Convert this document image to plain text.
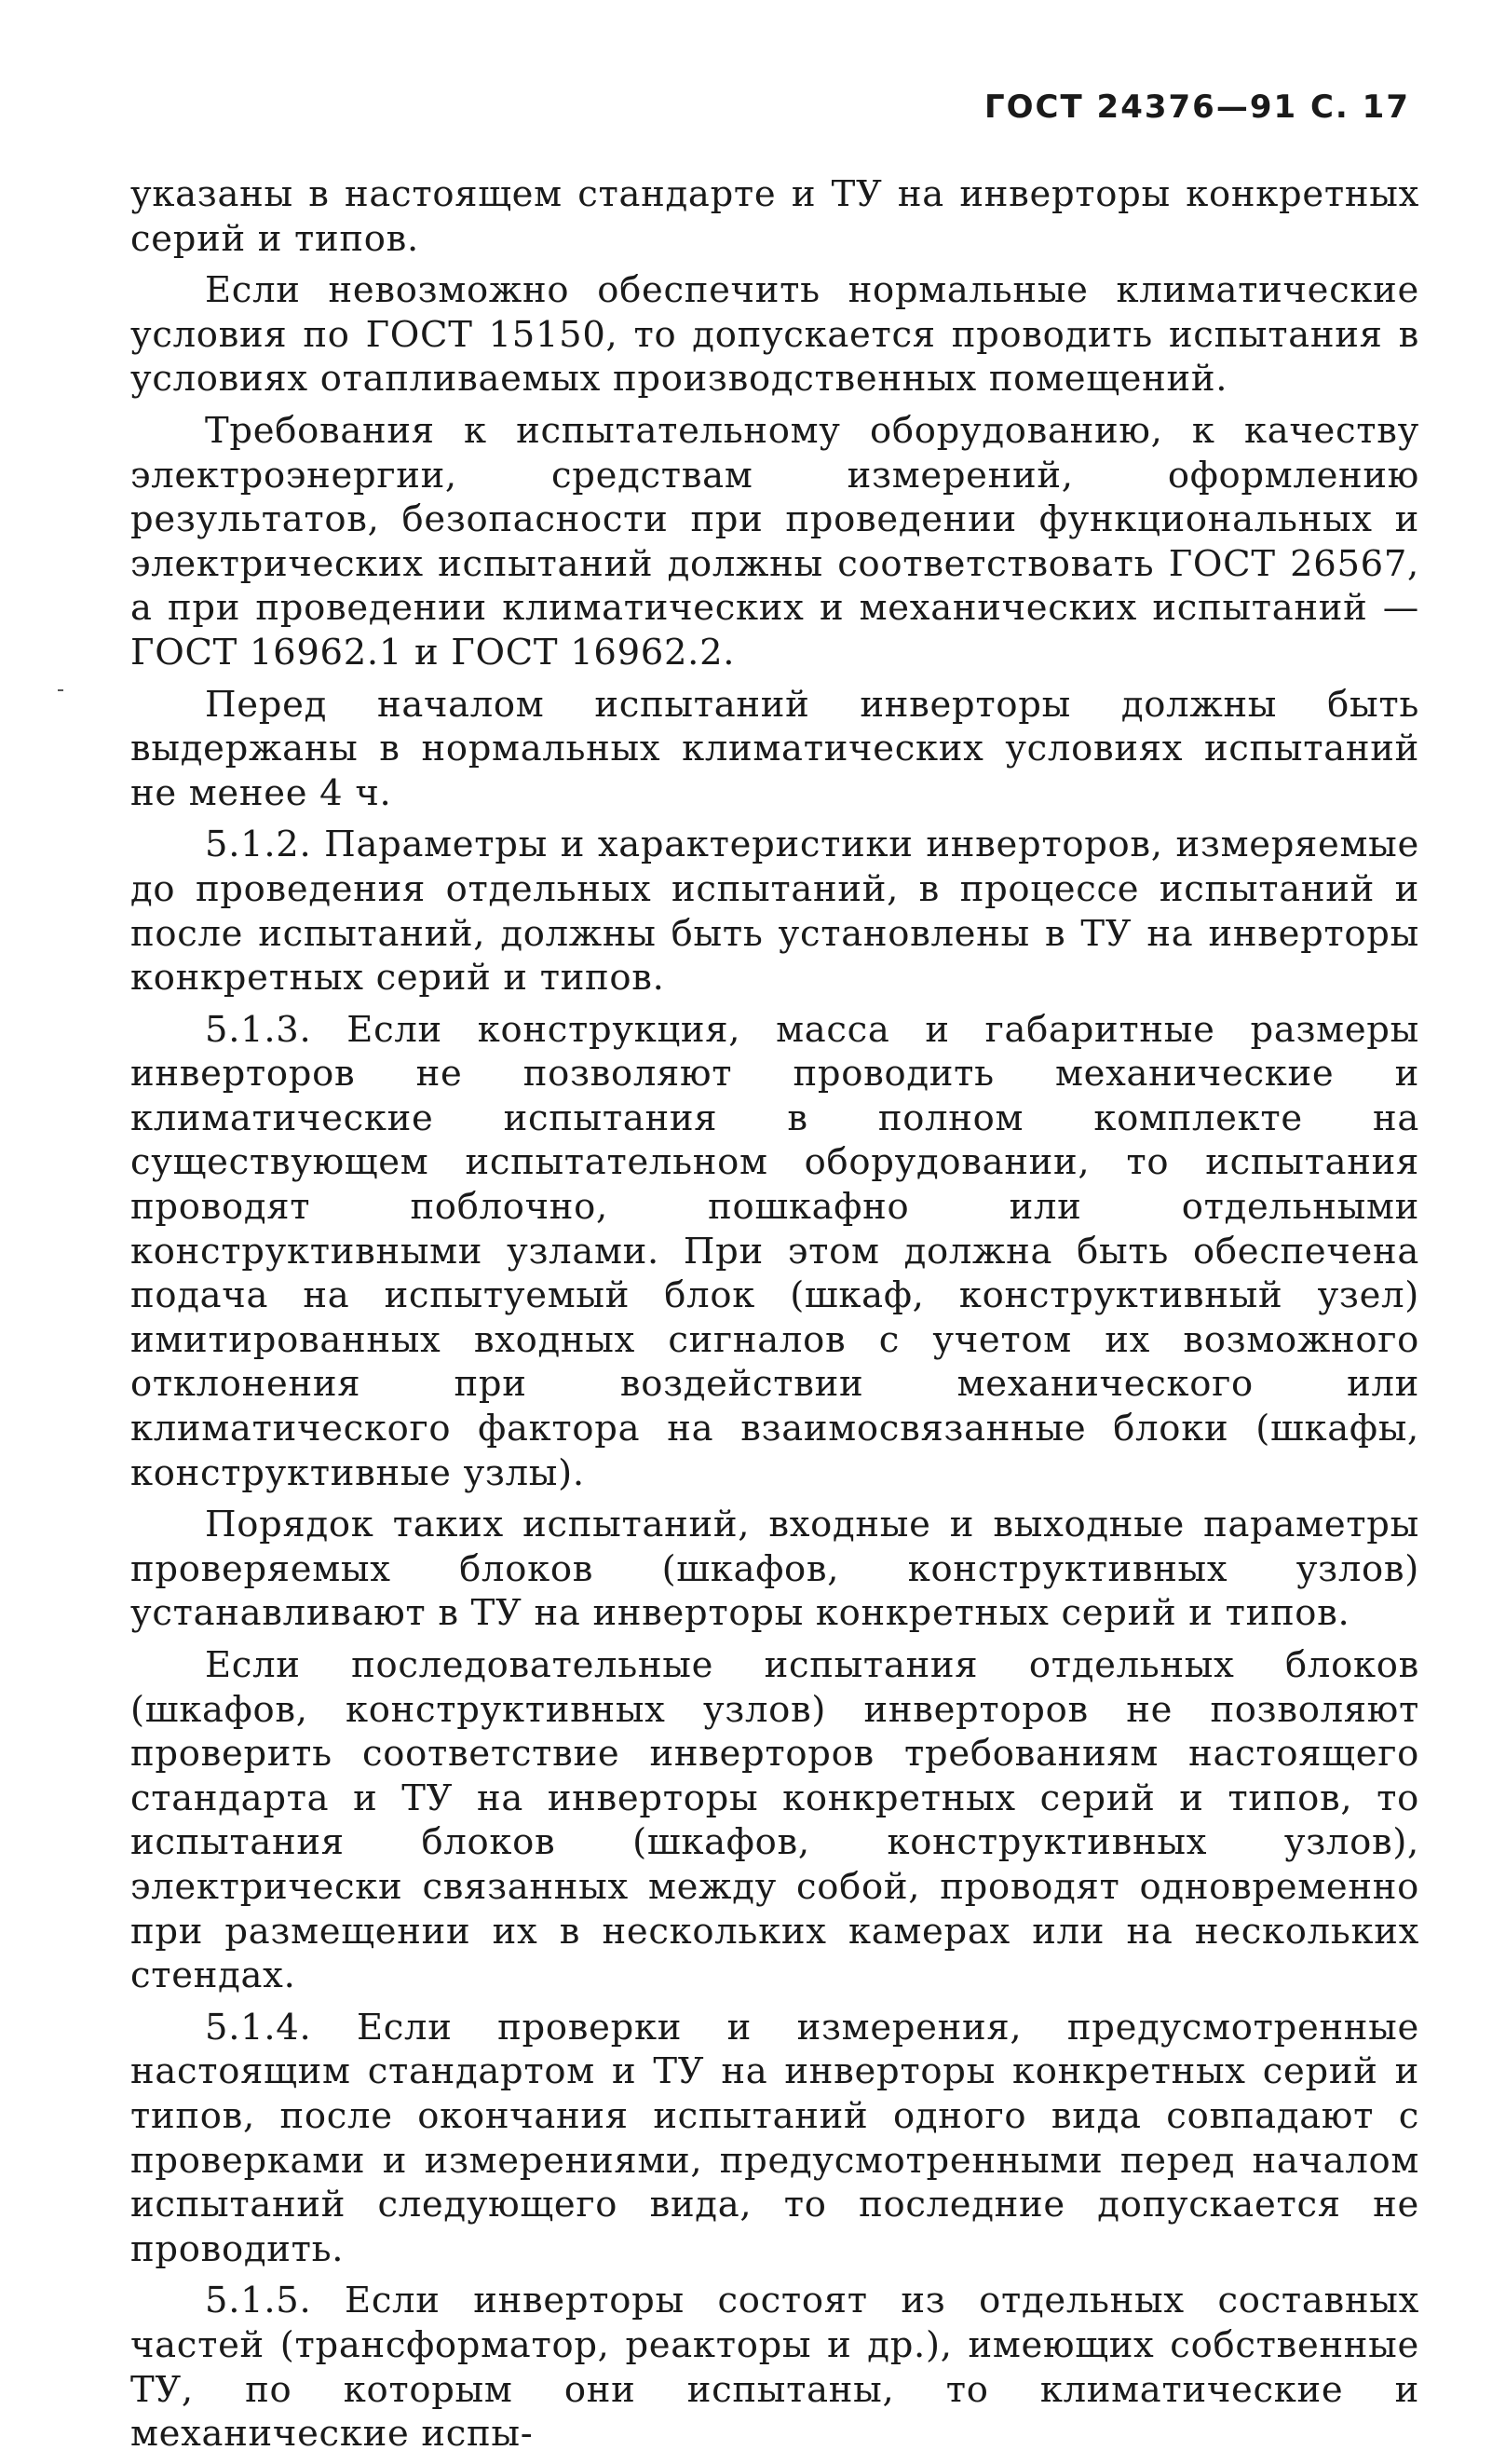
ГОСТ 24376—91 С. 17

указаны в настоящем стандарте и ТУ на инверторы конкретных серий и типов.

Если невозможно обеспечить нормальные климатические условия по ГОСТ 15150, то допускается проводить испытания в условиях отапливаемых производственных помещений.

Требования к испытательному оборудованию, к качеству электроэнергии, средствам измерений, оформлению результатов, безопасности при проведении функциональных и электрических испытаний должны соответствовать ГОСТ 26567, а при проведении климатических и механических испытаний — ГОСТ 16962.1 и ГОСТ 16962.2.

Перед началом испытаний инверторы должны быть выдержаны в нормальных климатических условиях испытаний не менее 4 ч.

5.1.2. Параметры и характеристики инверторов, измеряемые до проведения отдельных испытаний, в процессе испытаний и после испытаний, должны быть установлены в ТУ на инверторы конкретных серий и типов.

5.1.3. Если конструкция, масса и габаритные размеры инверторов не позволяют проводить механические и климатические испытания в полном комплекте на существующем испытательном оборудовании, то испытания проводят поблочно, пошкафно или отдельными конструктивными узлами. При этом должна быть обеспечена подача на испытуемый блок (шкаф, конструктивный узел) имитированных входных сигналов с учетом их возможного отклонения при воздействии механического или климатического фактора на взаимосвязанные блоки (шкафы, конструктивные узлы).

Порядок таких испытаний, входные и выходные параметры проверяемых блоков (шкафов, конструктивных узлов) устанавливают в ТУ на инверторы конкретных серий и типов.

Если последовательные испытания отдельных блоков (шкафов, конструктивных узлов) инверторов не позволяют проверить соответствие инверторов требованиям настоящего стандарта и ТУ на инверторы конкретных серий и типов, то испытания блоков (шкафов, конструктивных узлов), электрически связанных между собой, проводят одновременно при размещении их в нескольких камерах или на нескольких стендах.

5.1.4. Если проверки и измерения, предусмотренные настоящим стандартом и ТУ на инверторы конкретных серий и типов, после окончания испытаний одного вида совпадают с проверками и измерениями, предусмотренными перед началом испытаний следующего вида, то последние допускается не проводить.

5.1.5. Если инверторы состоят из отдельных составных частей (трансформатор, реакторы и др.), имеющих собственные ТУ, по которым они испытаны, то климатические и механические испы-
